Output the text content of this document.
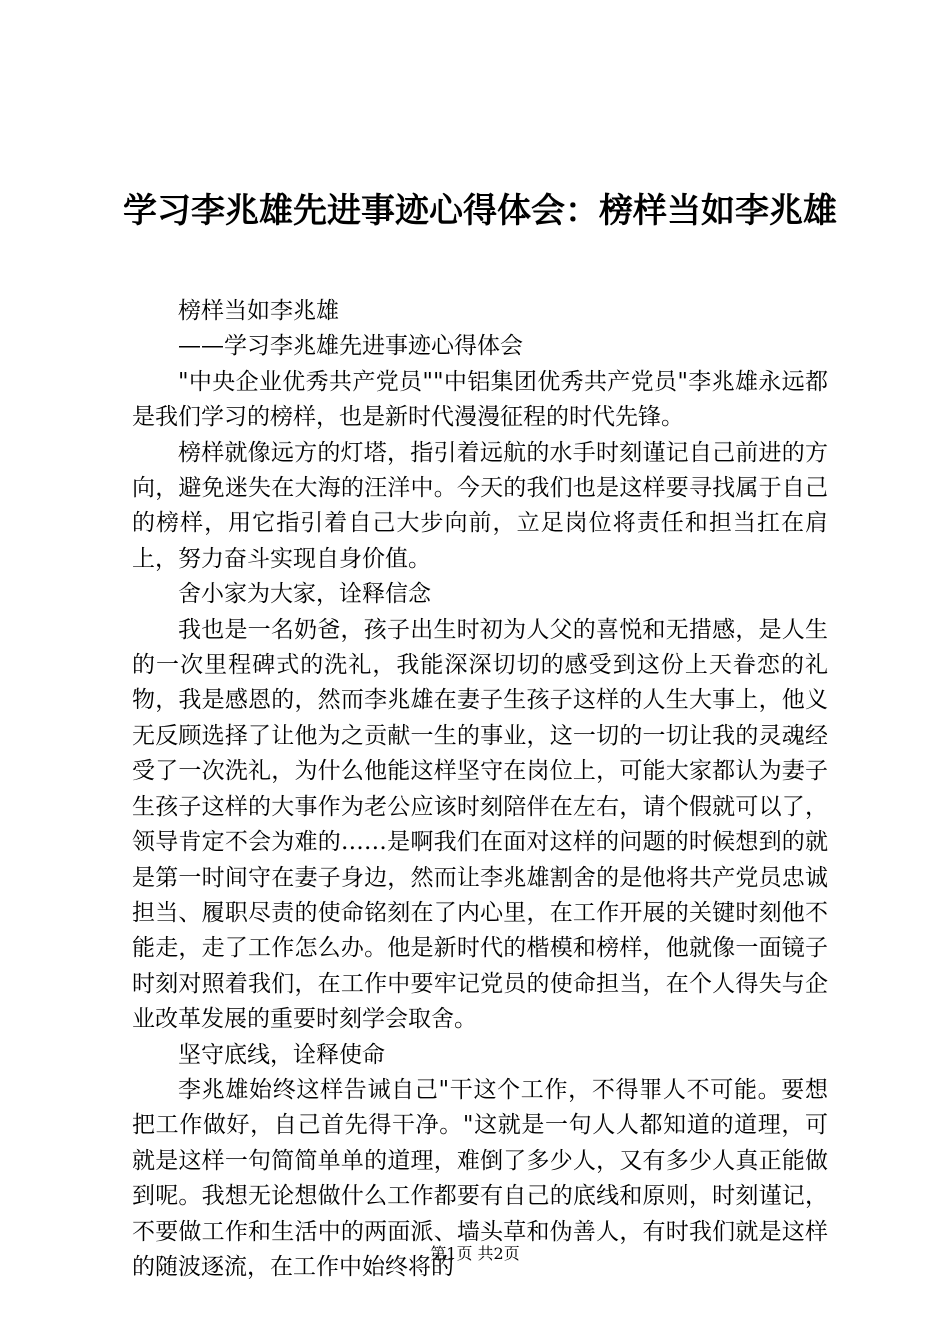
学习李兆雄先进事迹心得体会：榜样当如李兆雄

榜样当如李兆雄

——学习李兆雄先进事迹心得体会

"中央企业优秀共产党员""中铝集团优秀共产党员"李兆雄永远都是我们学习的榜样，也是新时代漫漫征程的时代先锋。

榜样就像远方的灯塔，指引着远航的水手时刻谨记自己前进的方向，避免迷失在大海的汪洋中。今天的我们也是这样要寻找属于自己的榜样，用它指引着自己大步向前，立足岗位将责任和担当扛在肩上，努力奋斗实现自身价值。

舍小家为大家，诠释信念

我也是一名奶爸，孩子出生时初为人父的喜悦和无措感，是人生的一次里程碑式的洗礼，我能深深切切的感受到这份上天眷恋的礼物，我是感恩的，然而李兆雄在妻子生孩子这样的人生大事上，他义无反顾选择了让他为之贡献一生的事业，这一切的一切让我的灵魂经受了一次洗礼，为什么他能这样坚守在岗位上，可能大家都认为妻子生孩子这样的大事作为老公应该时刻陪伴在左右，请个假就可以了，领导肯定不会为难的……是啊我们在面对这样的问题的时候想到的就是第一时间守在妻子身边，然而让李兆雄割舍的是他将共产党员忠诚担当、履职尽责的使命铭刻在了内心里，在工作开展的关键时刻他不能走，走了工作怎么办。他是新时代的楷模和榜样，他就像一面镜子时刻对照着我们，在工作中要牢记党员的使命担当，在个人得失与企业改革发展的重要时刻学会取舍。

坚守底线，诠释使命

李兆雄始终这样告诫自己"干这个工作，不得罪人不可能。要想把工作做好，自己首先得干净。"这就是一句人人都知道的道理，可就是这样一句简简单单的道理，难倒了多少人，又有多少人真正能做到呢。我想无论想做什么工作都要有自己的底线和原则，时刻谨记，不要做工作和生活中的两面派、墙头草和伪善人，有时我们就是这样的随波逐流，在工作中始终将的

第1页 共2页
